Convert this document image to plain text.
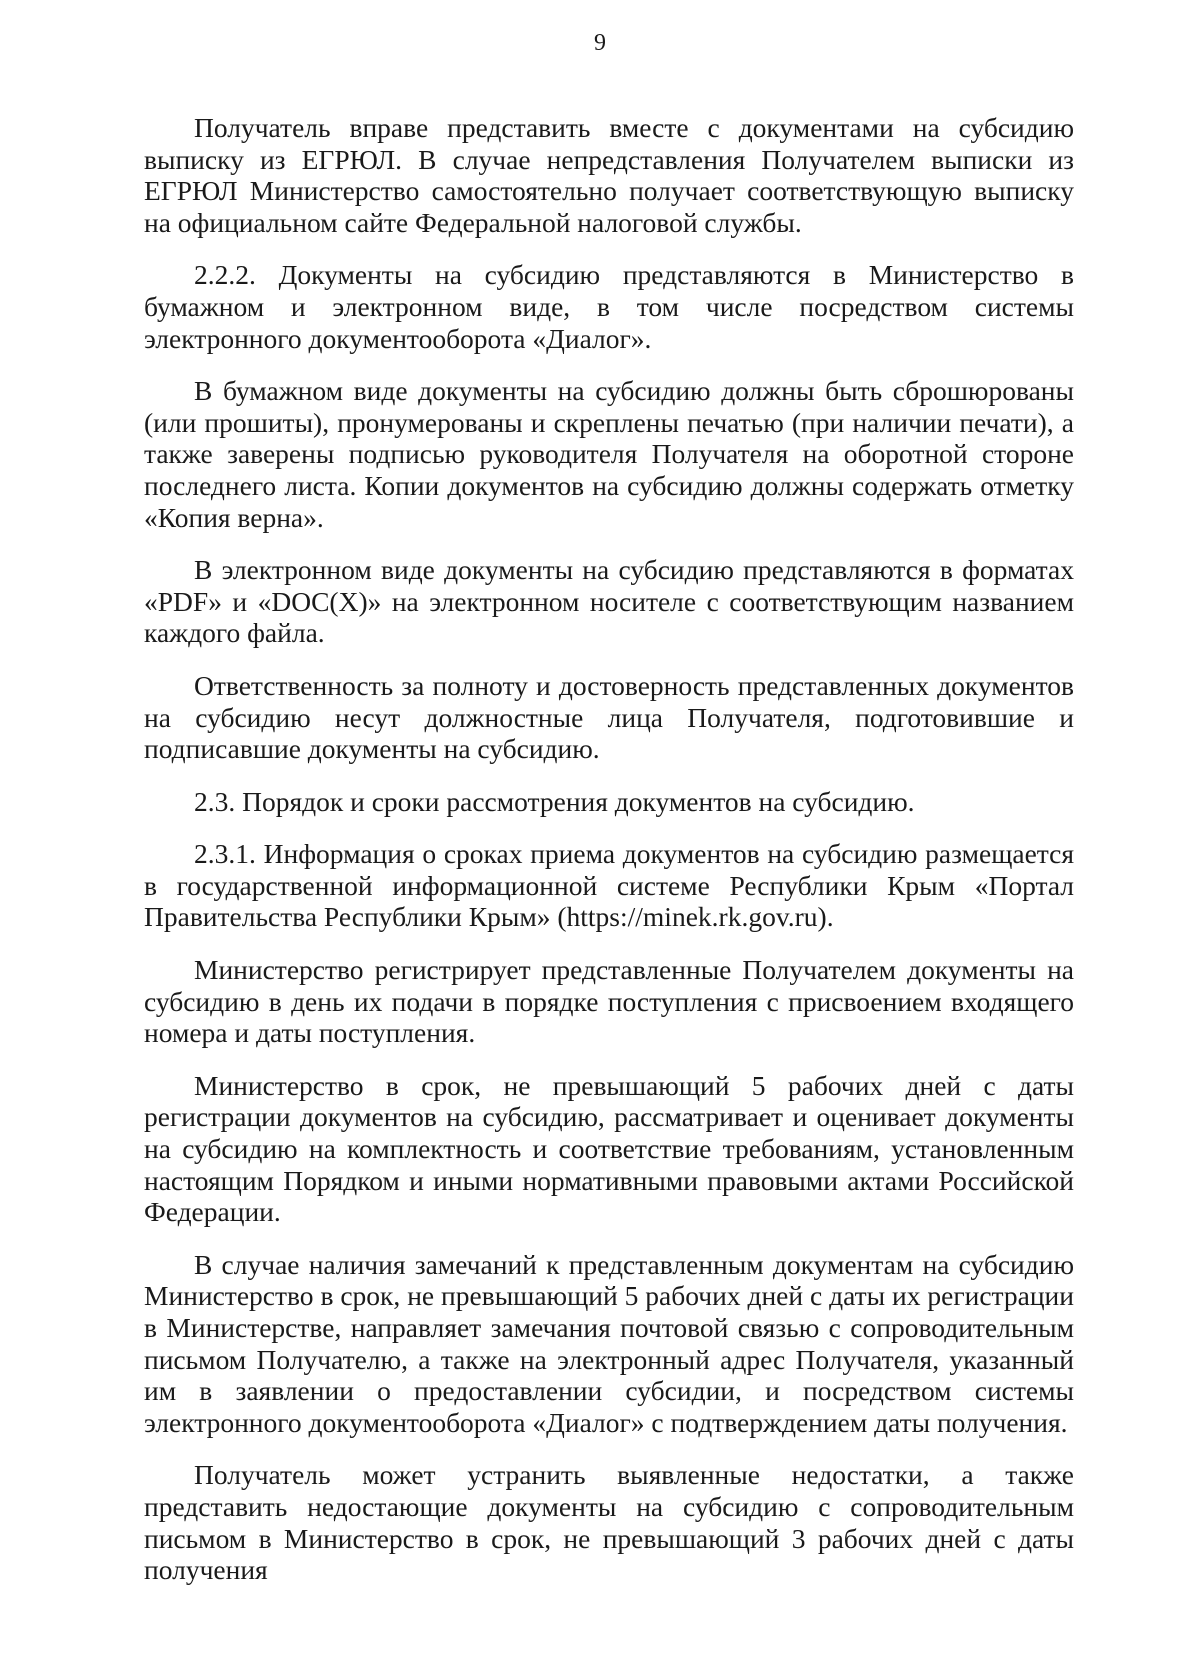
9

Получатель вправе представить вместе с документами на субсидию выписку из ЕГРЮЛ. В случае непредставления Получателем выписки из ЕГРЮЛ Министерство самостоятельно получает соответствующую выписку на официальном сайте Федеральной налоговой службы.

2.2.2. Документы на субсидию представляются в Министерство в бумажном и электронном виде, в том числе посредством системы электронного документооборота «Диалог».

В бумажном виде документы на субсидию должны быть сброшюрованы (или прошиты), пронумерованы и скреплены печатью (при наличии печати), а также заверены подписью руководителя Получателя на оборотной стороне последнего листа. Копии документов на субсидию должны содержать отметку «Копия верна».

В электронном виде документы на субсидию представляются в форматах «PDF» и «DOC(X)» на электронном носителе с соответствующим названием каждого файла.

Ответственность за полноту и достоверность представленных документов на субсидию несут должностные лица Получателя, подготовившие и подписавшие документы на субсидию.

2.3. Порядок и сроки рассмотрения документов на субсидию.

2.3.1. Информация о сроках приема документов на субсидию размещается в государственной информационной системе Республики Крым «Портал Правительства Республики Крым» (https://minek.rk.gov.ru).

Министерство регистрирует представленные Получателем документы на субсидию в день их подачи в порядке поступления с присвоением входящего номера и даты поступления.

Министерство в срок, не превышающий 5 рабочих дней с даты регистрации документов на субсидию, рассматривает и оценивает документы на субсидию на комплектность и соответствие требованиям, установленным настоящим Порядком и иными нормативными правовыми актами Российской Федерации.

В случае наличия замечаний к представленным документам на субсидию Министерство в срок, не превышающий 5 рабочих дней с даты их регистрации в Министерстве, направляет замечания почтовой связью с сопроводительным письмом Получателю, а также на электронный адрес Получателя, указанный им в заявлении о предоставлении субсидии, и посредством системы электронного документооборота «Диалог» с подтверждением даты получения.

Получатель может устранить выявленные недостатки, а также представить недостающие документы на субсидию с сопроводительным письмом в Министерство в срок, не превышающий 3 рабочих дней с даты получения
